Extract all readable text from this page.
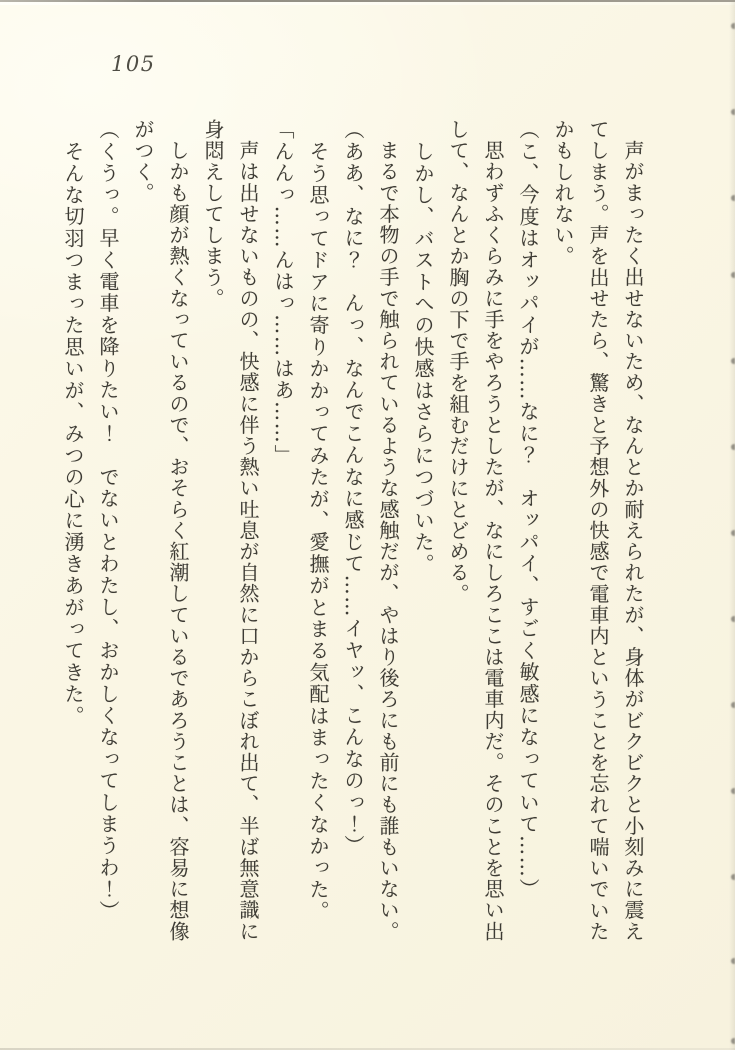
105

声がまったく出せないため、なんとか耐えられたが、身体がビクビクと小刻みに震えてしまう。声を出せたら、驚きと予想外の快感で電車内ということを忘れて喘いでいたかもしれない。

（こ、今度はオッパイが……なに？　オッパイ、すごく敏感になっていて……）

思わずふくらみに手をやろうとしたが、なにしろここは電車内だ。そのことを思い出して、なんとか胸の下で手を組むだけにとどめる。

しかし、バストへの快感はさらにつづいた。

まるで本物の手で触られているような感触だが、やはり後ろにも前にも誰もいない。

（ああ、なに？　んっ、なんでこんなに感じて……イヤッ、こんなのっ！）

そう思ってドアに寄りかかってみたが、愛撫がとまる気配はまったくなかった。

「んんっ……んはっ……はあ……」

声は出せないものの、快感に伴う熱い吐息が自然に口からこぼれ出て、半ば無意識に身悶えしてしまう。

しかも顔が熱くなっているので、おそらく紅潮しているであろうことは、容易に想像がつく。

（くうっ。早く電車を降りたい！　でないとわたし、おかしくなってしまうわ！）

そんな切羽つまった思いが、みつの心に湧きあがってきた。
